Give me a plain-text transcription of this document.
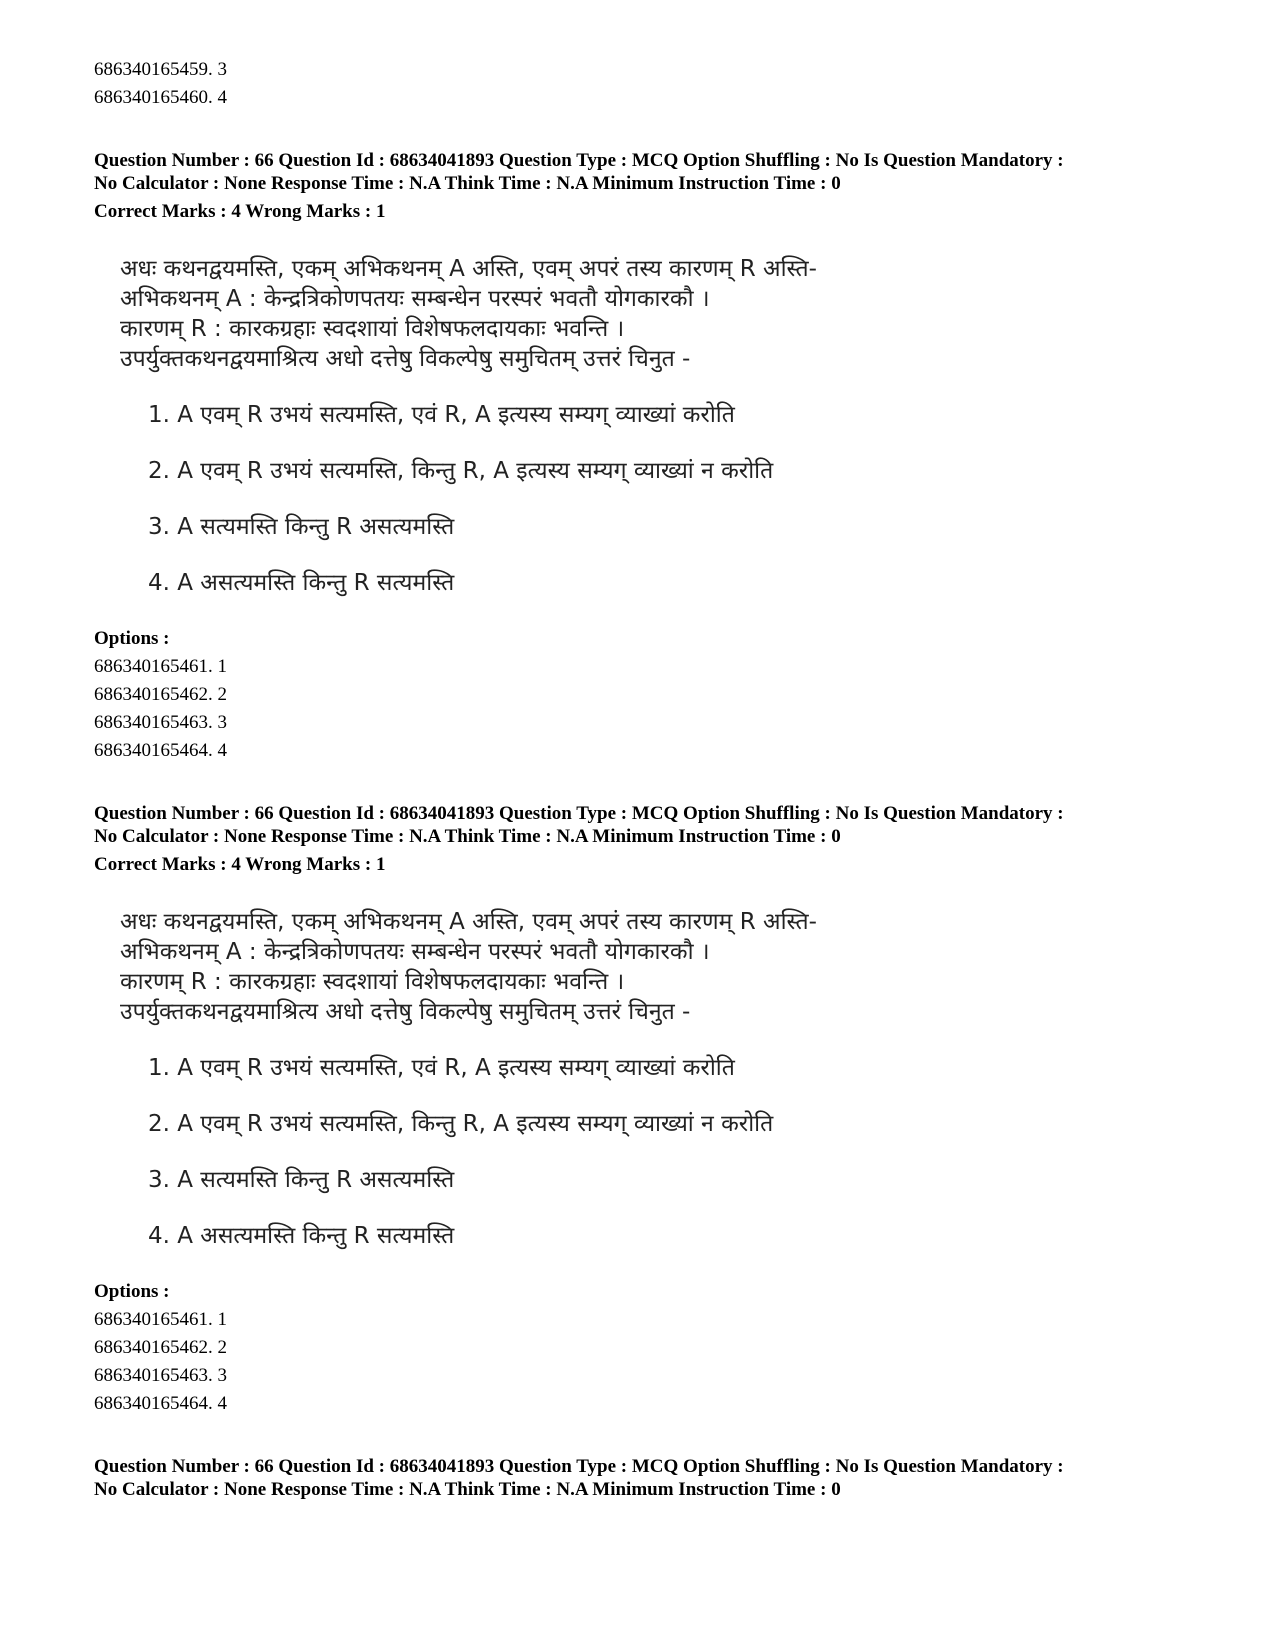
686340165459. 3
686340165460. 4
Question Number : 66 Question Id : 68634041893 Question Type : MCQ Option Shuffling : No Is Question Mandatory :
No Calculator : None Response Time : N.A Think Time : N.A Minimum Instruction Time : 0
Correct Marks : 4 Wrong Marks : 1
अधः कथनद्वयमस्ति, एकम् अभिकथनम् A अस्ति, एवम् अपरं तस्य कारणम् R अस्ति-
अभिकथनम् A : केन्द्रत्रिकोणपतयः सम्बन्धेन परस्परं भवतौ योगकारकौ ।
कारणम् R : कारकग्रहाः स्वदशायां विशेषफलदायकाः भवन्ति ।
उपर्युक्तकथनद्वयमाश्रित्य अधो दत्तेषु विकल्पेषु समुचितम् उत्तरं चिनुत -
1. A एवम् R उभयं सत्यमस्ति, एवं R, A इत्यस्य सम्यग् व्याख्यां करोति
2. A एवम् R उभयं सत्यमस्ति, किन्तु R, A इत्यस्य सम्यग् व्याख्यां न करोति
3. A सत्यमस्ति किन्तु R असत्यमस्ति
4. A असत्यमस्ति किन्तु R सत्यमस्ति
Options :
686340165461. 1
686340165462. 2
686340165463. 3
686340165464. 4
Question Number : 66 Question Id : 68634041893 Question Type : MCQ Option Shuffling : No Is Question Mandatory :
No Calculator : None Response Time : N.A Think Time : N.A Minimum Instruction Time : 0
Correct Marks : 4 Wrong Marks : 1
अधः कथनद्वयमस्ति, एकम् अभिकथनम् A अस्ति, एवम् अपरं तस्य कारणम् R अस्ति-
अभिकथनम् A : केन्द्रत्रिकोणपतयः सम्बन्धेन परस्परं भवतौ योगकारकौ ।
कारणम् R : कारकग्रहाः स्वदशायां विशेषफलदायकाः भवन्ति ।
उपर्युक्तकथनद्वयमाश्रित्य अधो दत्तेषु विकल्पेषु समुचितम् उत्तरं चिनुत -
1. A एवम् R उभयं सत्यमस्ति, एवं R, A इत्यस्य सम्यग् व्याख्यां करोति
2. A एवम् R उभयं सत्यमस्ति, किन्तु R, A इत्यस्य सम्यग् व्याख्यां न करोति
3. A सत्यमस्ति किन्तु R असत्यमस्ति
4. A असत्यमस्ति किन्तु R सत्यमस्ति
Options :
686340165461. 1
686340165462. 2
686340165463. 3
686340165464. 4
Question Number : 66 Question Id : 68634041893 Question Type : MCQ Option Shuffling : No Is Question Mandatory :
No Calculator : None Response Time : N.A Think Time : N.A Minimum Instruction Time : 0
